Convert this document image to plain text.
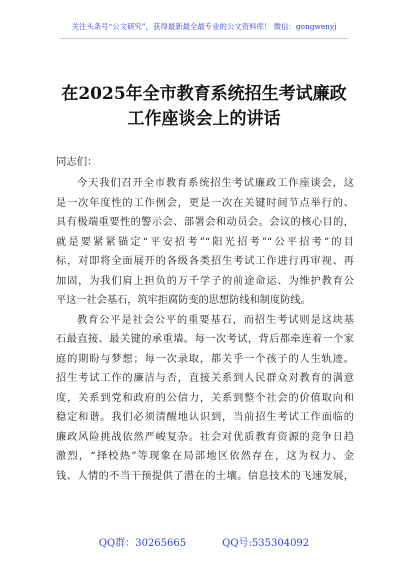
关注头条号“公文研究”，获得最新最全最专业的公文资料库！ 微信：gongwenyj
在2025年全市教育系统招生考试廉政
工作座谈会上的讲话
同志们：
今天我们召开全市教育系统招生考试廉政工作座谈会，这
是一次年度性的工作例会，更是一次在关键时间节点举行的、
具有极端重要性的警示会、部署会和动员会。会议的核心目的，
就是要紧紧锚定“平安招考”“阳光招考”“公平招考”的目
标，对即将全面展开的各级各类招生考试工作进行再审视、再
加固，为我们肩上担负的万千学子的前途命运、为维护教育公
平这一社会基石，筑牢拒腐防变的思想防线和制度防线。
教育公平是社会公平的重要基石，而招生考试则是这块基
石最直接、最关键的承重墙。每一次考试，背后都牵连着一个家
庭的期盼与梦想；每一次录取，都关乎一个孩子的人生轨迹。
招生考试工作的廉洁与否，直接关系到人民群众对教育的满意
度，关系到党和政府的公信力，关系到整个社会的价值取向和
稳定和谐。我们必须清醒地认识到，当前招生考试工作面临的
廉政风险挑战依然严峻复杂。社会对优质教育资源的竞争日趋
激烈，“择校热”等现象在局部地区依然存在，这为权力、金
钱、人情的不当干预提供了潜在的土壤。信息技术的飞速发展，
QQ群：30265665	QQ号:535304092
